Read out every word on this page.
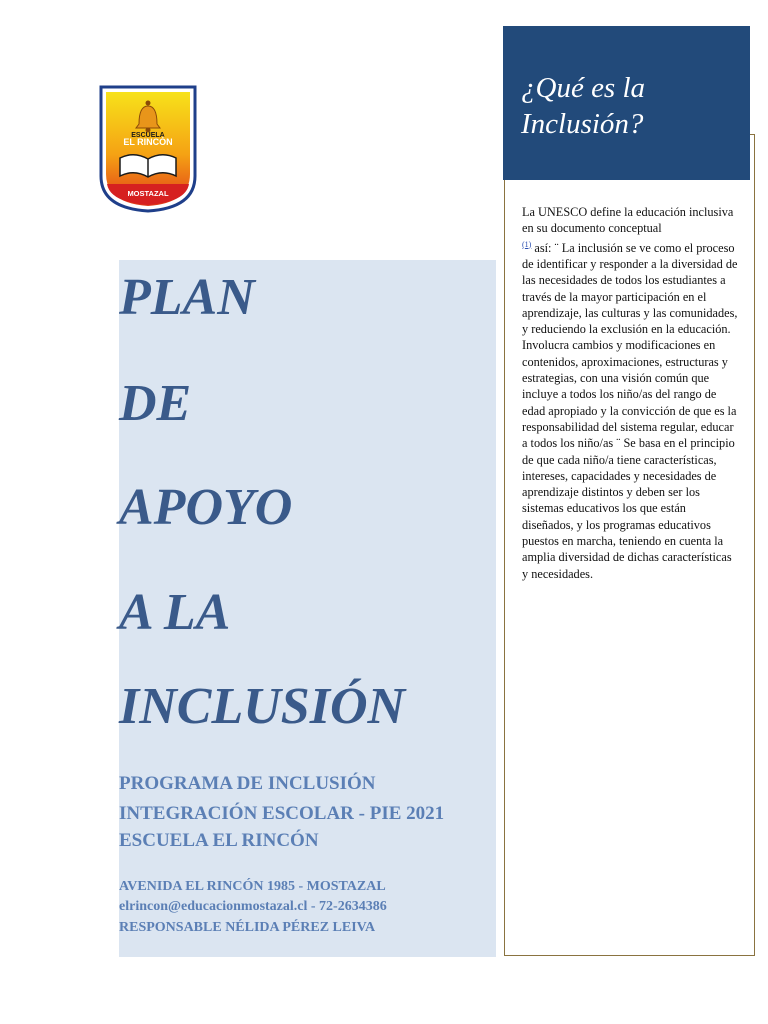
ESCUELA
EL RINCÓN
MOSTAZAL
PLAN
DE
APOYO
A LA
INCLUSIÓN

PROGRAMA DE INCLUSIÓN

INTEGRACIÓN ESCOLAR - PIE 2021

ESCUELA EL RINCÓN

AVENIDA EL RINCÓN 1985 - MOSTAZAL

elrincon@educacionmostazal.cl - 72-2634386

RESPONSABLE NÉLIDA PÉREZ LEIVA

¿Qué es la
Inclusión?

La UNESCO define la educación inclusiva en su documento conceptual
$^{(1)}$ así: ¨ La inclusión se ve como el proceso de identificar y responder a la diversidad de las necesidades de todos los estudiantes a través de la mayor participación en el aprendizaje, las culturas y las comunidades, y reduciendo la exclusión en la educación. Involucra cambios y modificaciones en contenidos, aproximaciones, estructuras y estrategias, con una visión común que incluye a todos los niño/as del rango de edad apropiado y la convicción de que es la responsabilidad del sistema regular, educar a todos los niño/as ¨ Se basa en el principio de que cada niño/a tiene características, intereses, capacidades y necesidades de aprendizaje distintos y deben ser los sistemas educativos los que están diseñados, y los programas educativos puestos en marcha, teniendo en cuenta la amplia diversidad de dichas características y necesidades.
